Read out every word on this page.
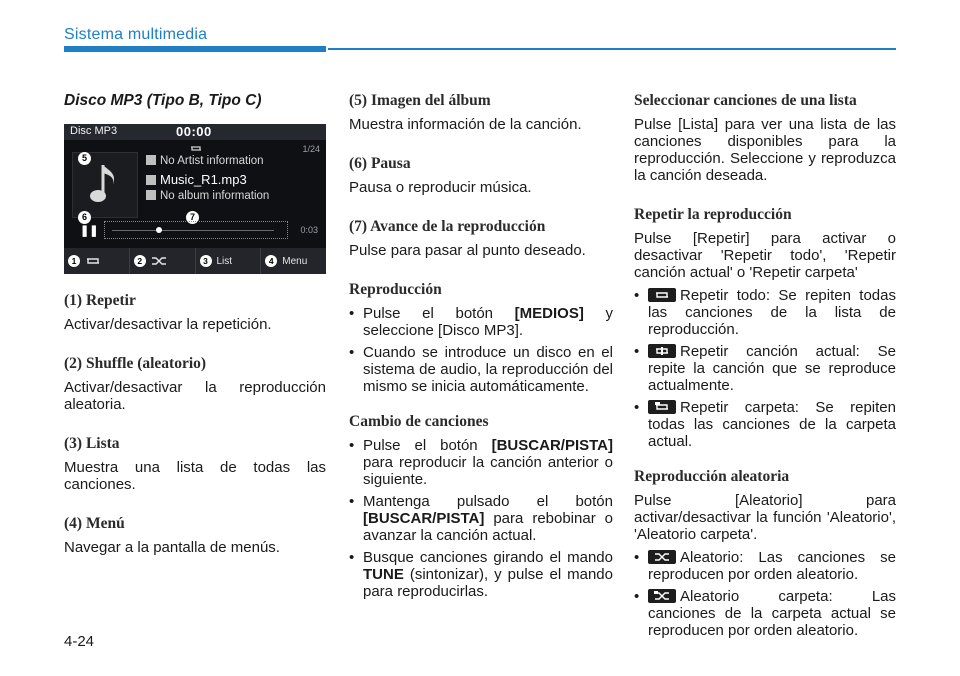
Sistema multimedia
Disco MP3 (Tipo B, Tipo C)
Disc MP3	00:00
1/24
5	No Artist information
Music_R1.mp3
No album information
6	7
❚❚	0:03
1	2	3 List	4 Menu
(1) Repetir

Activar/desactivar la repetición.

(2) Shuffle (aleatorio)

Activar/desactivar la reproducción aleatoria.

(3) Lista

Muestra una lista de todas las canciones.

(4) Menú

Navegar a la pantalla de menús.

(5) Imagen del álbum

Muestra información de la canción.

(6) Pausa

Pausa o reproducir música.

(7) Avance de la reproducción

Pulse para pasar al punto deseado.

Reproducción
• Pulse el botón [MEDIOS] y seleccione [Disco MP3].
• Cuando se introduce un disco en el sistema de audio, la reproducción del mismo se inicia automáticamente.
Cambio de canciones
• Pulse el botón [BUSCAR/PISTA] para reproducir la canción anterior o siguiente.
• Mantenga pulsado el botón [BUSCAR/PISTA] para rebobinar o avanzar la canción actual.
• Busque canciones girando el mando TUNE (sintonizar), y pulse el mando para reproducirlas.
Seleccionar canciones de una lista

Pulse [Lista] para ver una lista de las canciones disponibles para la reproducción. Seleccione y reproduzca la canción deseada.

Repetir la reproducción

Pulse [Repetir] para activar o desactivar 'Repetir todo', 'Repetir canción actual' o 'Repetir carpeta'

• Repetir todo: Se repiten todas las canciones de la lista de reproducción.
• Repetir canción actual: Se repite la canción que se reproduce actualmente.
• Repetir carpeta: Se repiten todas las canciones de la carpeta actual.
Reproducción aleatoria

Pulse [Aleatorio] para activar/desactivar la función 'Aleatorio', 'Aleatorio carpeta'.

• Aleatorio: Las canciones se reproducen por orden aleatorio.
• Aleatorio carpeta: Las canciones de la carpeta actual se reproducen por orden aleatorio.
4-24
